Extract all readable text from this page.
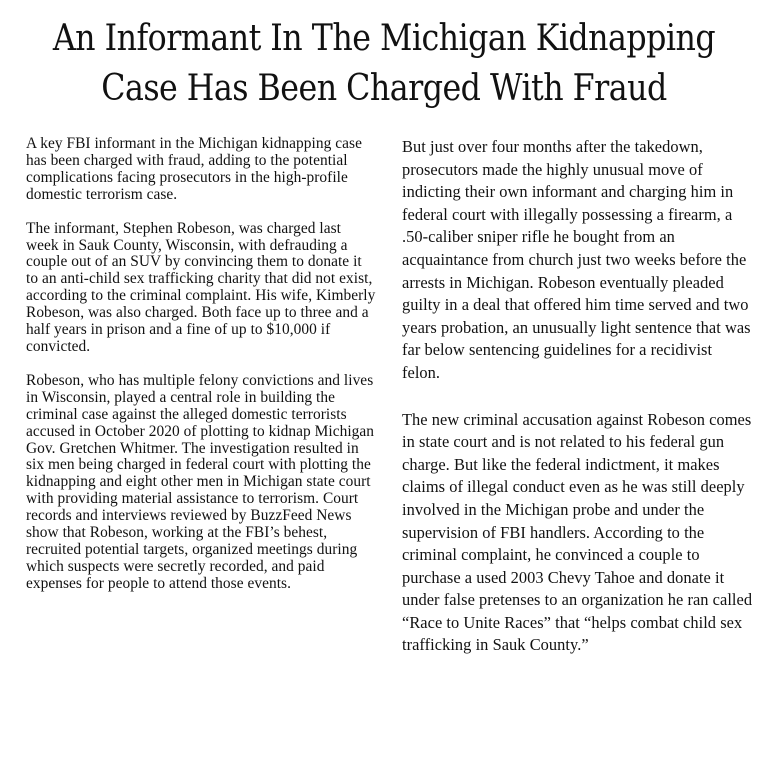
An Informant In The Michigan Kidnapping
Case Has Been Charged With Fraud

A key FBI informant in the Michigan kidnapping case has been charged with fraud, adding to the potential complications facing prosecutors in the high-profile domestic terrorism case.

The informant, Stephen Robeson, was charged last week in Sauk County, Wisconsin, with defrauding a couple out of an SUV by convincing them to donate it to an anti-child sex trafficking charity that did not exist, according to the criminal complaint. His wife, Kimberly Robeson, was also charged. Both face up to three and a half years in prison and a fine of up to $10,000 if convicted.

Robeson, who has multiple felony convictions and lives in Wisconsin, played a central role in building the criminal case against the alleged domestic terrorists accused in October 2020 of plotting to kidnap Michigan Gov. Gretchen Whitmer. The investigation resulted in six men being charged in federal court with plotting the kidnapping and eight other men in Michigan state court with providing material assistance to terrorism. Court records and interviews reviewed by BuzzFeed News show that Robeson, working at the FBI’s behest, recruited potential targets, organized meetings during which suspects were secretly recorded, and paid expenses for people to attend those events.

But just over four months after the takedown, prosecutors made the highly unusual move of indicting their own informant and charging him in federal court with illegally possessing a firearm, a .50-caliber sniper rifle he bought from an acquaintance from church just two weeks before the arrests in Michigan. Robeson eventually pleaded guilty in a deal that offered him time served and two years probation, an unusually light sentence that was far below sentencing guidelines for a recidivist felon.

The new criminal accusation against Robeson comes in state court and is not related to his federal gun charge. But like the federal indictment, it makes claims of illegal conduct even as he was still deeply involved in the Michigan probe and under the supervision of FBI handlers. According to the criminal complaint, he convinced a couple to purchase a used 2003 Chevy Tahoe and donate it under false pretenses to an organization he ran called “Race to Unite Races” that “helps combat child sex trafficking in Sauk County.”
